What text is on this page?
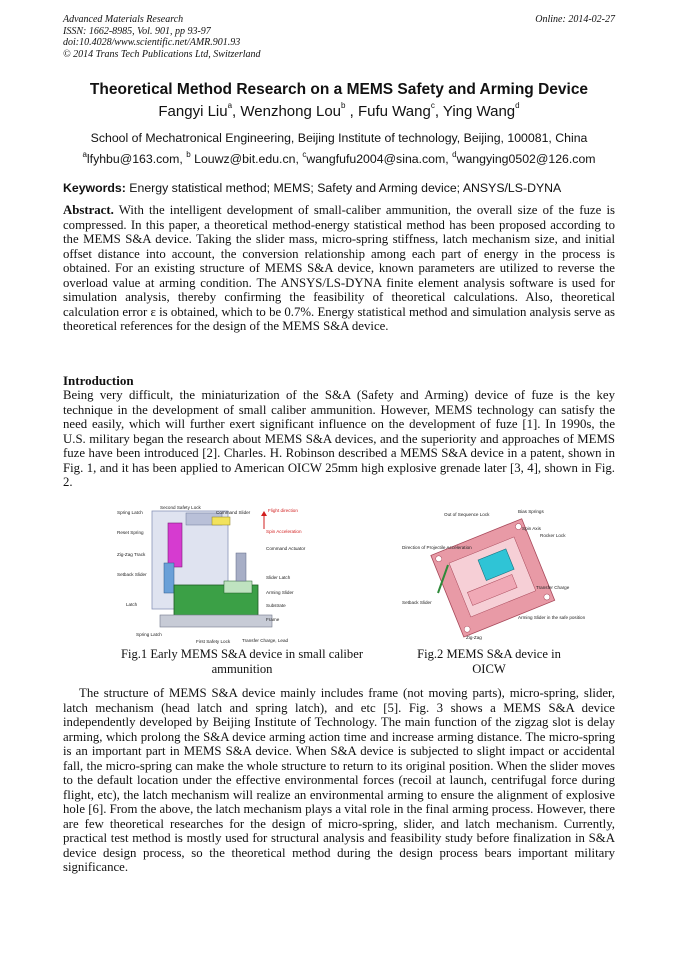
Advanced Materials Research
ISSN: 1662-8985, Vol. 901, pp 93-97
doi:10.4028/www.scientific.net/AMR.901.93
© 2014 Trans Tech Publications Ltd, Switzerland
Online: 2014-02-27
Theoretical Method Research on a MEMS Safety and Arming Device
Fangyi Liu$^a$, Wenzhong Lou$^b$ , Fufu Wang$^c$, Ying Wang$^d$
School of Mechatronical Engineering, Beijing Institute of technology, Beijing, 100081, China
$^a$lfyhbu@163.com, $^b$ Louwz@bit.edu.cn, $^c$wangfufu2004@sina.com, $^d$wangying0502@126.com
Keywords: Energy statistical method; MEMS; Safety and Arming device; ANSYS/LS-DYNA
Abstract. With the intelligent development of small-caliber ammunition, the overall size of the fuze is compressed. In this paper, a theoretical method-energy statistical method has been proposed according to the MEMS S&A device. Taking the slider mass, micro-spring stiffness, latch mechanism size, and initial offset distance into account, the conversion relationship among each part of energy in the process is obtained. For an existing structure of MEMS S&A device, known parameters are utilized to reverse the overload value at arming condition. The ANSYS/LS-DYNA finite element analysis software is used for simulation analysis, thereby confirming the feasibility of theoretical calculations. Also, theoretical calculation error ε is obtained, which to be 0.7%. Energy statistical method and simulation analysis serve as theoretical references for the design of the MEMS S&A device.
Introduction
Being very difficult, the miniaturization of the S&A (Safety and Arming) device of fuze is the key technique in the development of small caliber ammunition. However, MEMS technology can satisfy the need easily, which will further exert significant influence on the development of fuze [1]. In 1990s, the U.S. military began the research about MEMS S&A devices, and the superiority and approaches of MEMS fuze have been introduced [2]. Charles. H. Robinson described a MEMS S&A device in a patent, shown in Fig. 1, and it has been applied to American OICW 25mm high explosive grenade later [3, 4], shown in Fig. 2.
Spring Latch
Second Safety Lock
Command Slider	Flight direction
Spin Acceleration
Reset Spring
Command Actuator
Zig-Zag Track
Setback Slider
Slider Latch
Arming Slider
Substrate
Latch
Frame
Spring Latch
First Safety Lock	Transfer Charge, Lead
Out of Sequence Lock
Bias Springs
Spin Axis
Rocker Lock
Direction of Projectile Acceleration
Transfer Charge
Setback Slider
Arming Slider in the safe position
Zig-Zag
Fig.1 Early MEMS S&A device in small caliber
ammunition
Fig.2 MEMS S&A device in
OICW
The structure of MEMS S&A device mainly includes frame (not moving parts), micro-spring, slider, latch mechanism (head latch and spring latch), and etc [5]. Fig. 3 shows a MEMS S&A device independently developed by Beijing Institute of Technology. The main function of the zigzag slot is delay arming, which prolong the S&A device arming action time and increase arming distance. The micro-spring is an important part in MEMS S&A device. When S&A device is subjected to slight impact or accidental fall, the micro-spring can make the whole structure to return to its original position. When the slider moves to the default location under the effective environmental forces (recoil at launch, centrifugal force during flight, etc), the latch mechanism will realize an environmental arming to ensure the alignment of explosive hole [6]. From the above, the latch mechanism plays a vital role in the final arming process. However, there are few theoretical researches for the design of micro-spring, slider, and latch mechanism. Currently, practical test method is mostly used for structural analysis and feasibility study before finalization in S&A device design process, so the theoretical method during the design process bears important military significance.
